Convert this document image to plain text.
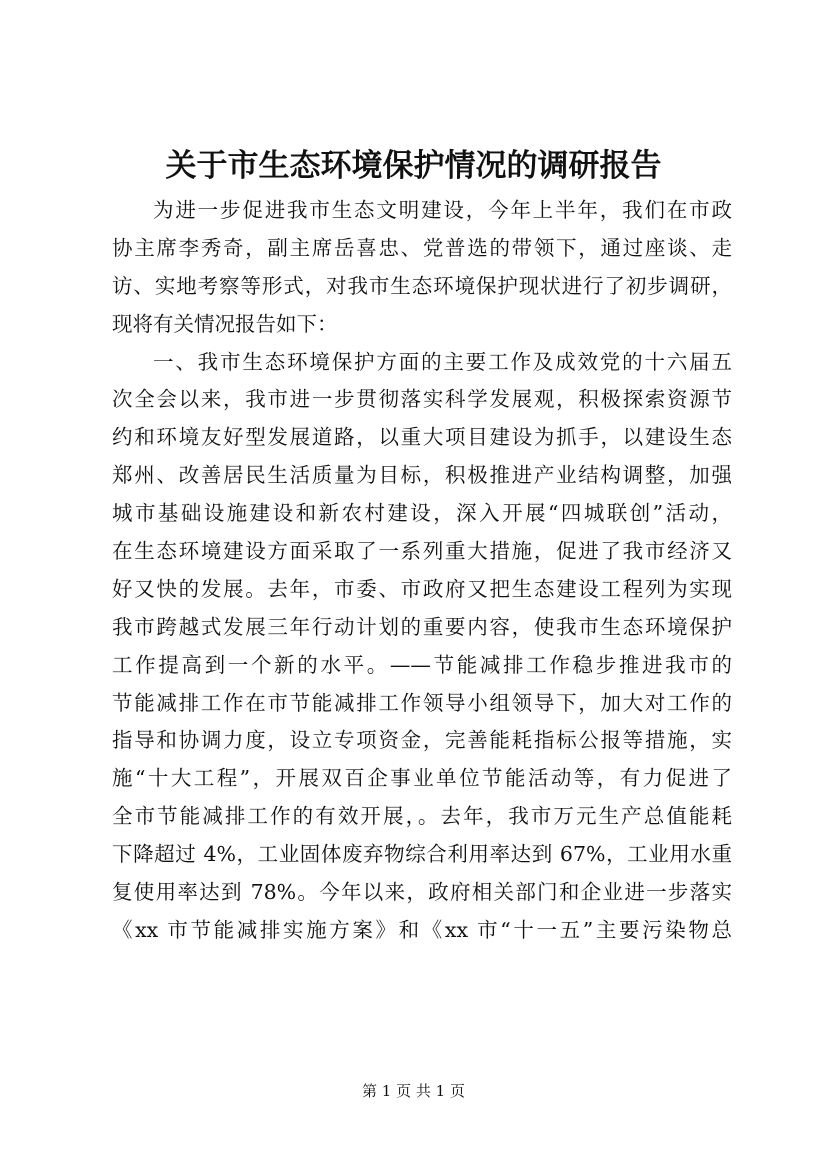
关于市生态环境保护情况的调研报告
为进一步促进我市生态文明建设，今年上半年，我们在市政
协主席李秀奇，副主席岳喜忠、党普选的带领下，通过座谈、走
访、实地考察等形式，对我市生态环境保护现状进行了初步调研，
现将有关情况报告如下：
一、我市生态环境保护方面的主要工作及成效党的十六届五
次全会以来，我市进一步贯彻落实科学发展观，积极探索资源节
约和环境友好型发展道路，以重大项目建设为抓手，以建设生态
郑州、改善居民生活质量为目标，积极推进产业结构调整，加强
城市基础设施建设和新农村建设，深入开展“四城联创”活动，
在生态环境建设方面采取了一系列重大措施，促进了我市经济又
好又快的发展。去年，市委、市政府又把生态建设工程列为实现
我市跨越式发展三年行动计划的重要内容，使我市生态环境保护
工作提高到一个新的水平。——节能减排工作稳步推进我市的
节能减排工作在市节能减排工作领导小组领导下，加大对工作的
指导和协调力度，设立专项资金，完善能耗指标公报等措施，实
施“十大工程”，开展双百企事业单位节能活动等，有力促进了
全市节能减排工作的有效开展，。去年，我市万元生产总值能耗
下降超过 4%，工业固体废弃物综合利用率达到 67%，工业用水重
复使用率达到 78%。今年以来，政府相关部门和企业进一步落实
《xx 市节能减排实施方案》和《xx 市“十一五”主要污染物总
第 1 页 共 1 页
